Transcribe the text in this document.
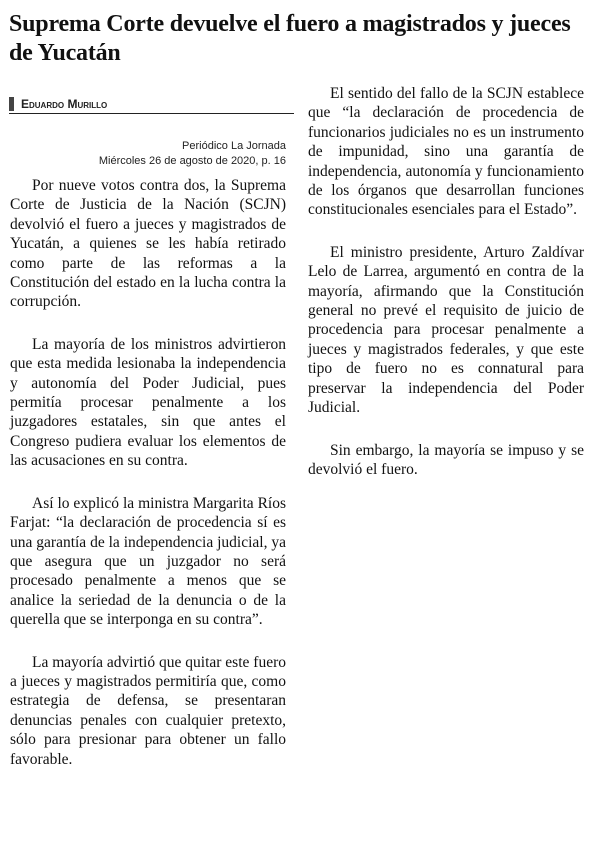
Suprema Corte devuelve el fuero a magistrados y jueces de Yucatán
Eduardo Murillo
Periódico La Jornada
Miércoles 26 de agosto de 2020, p. 16

Por nueve votos contra dos, la Suprema Corte de Justicia de la Nación (SCJN) devolvió el fuero a jueces y magistrados de Yucatán, a quienes se les había retirado como parte de las reformas a la Constitución del estado en la lucha contra la corrupción.

La mayoría de los ministros advirtieron que esta medida lesionaba la independencia y autonomía del Poder Judicial, pues permitía procesar penalmente a los juzgadores estatales, sin que antes el Congreso pudiera evaluar los elementos de las acusaciones en su contra.

Así lo explicó la ministra Margarita Ríos Farjat: “la declaración de procedencia sí es una garantía de la independencia judicial, ya que asegura que un juzgador no será procesado penalmente a menos que se analice la seriedad de la denuncia o de la querella que se interponga en su contra”.

La mayoría advirtió que quitar este fuero a jueces y magistrados permitiría que, como estrategia de defensa, se presentaran denuncias penales con cualquier pretexto, sólo para presionar para obtener un fallo favorable.

El sentido del fallo de la SCJN establece que “la declaración de procedencia de funcionarios judiciales no es un instrumento de impunidad, sino una garantía de independencia, autonomía y funcionamiento de los órganos que desarrollan funciones constitucionales esenciales para el Estado”.

El ministro presidente, Arturo Zaldívar Lelo de Larrea, argumentó en contra de la mayoría, afirmando que la Constitución general no prevé el requisito de juicio de procedencia para procesar penalmente a jueces y magistrados federales, y que este tipo de fuero no es connatural para preservar la independencia del Poder Judicial.

Sin embargo, la mayoría se impuso y se devolvió el fuero.
